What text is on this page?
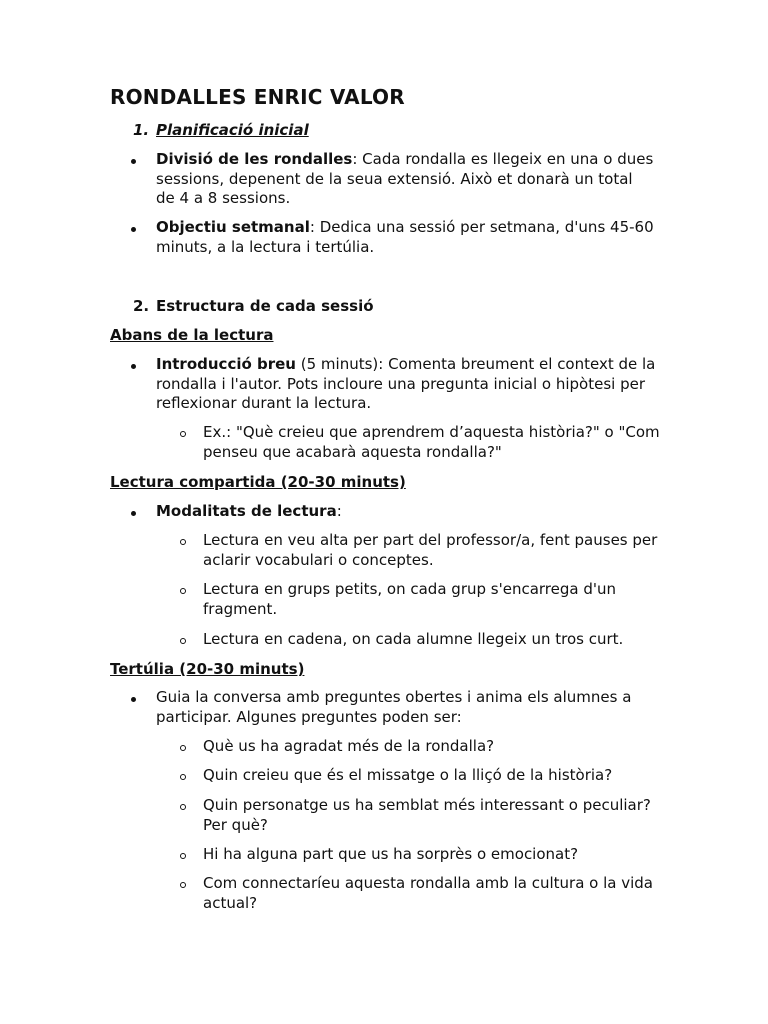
RONDALLES ENRIC VALOR
1. Planificació inicial
Divisió de les rondalles: Cada rondalla es llegeix en una o dues sessions, depenent de la seua extensió. Això et donarà un total de 4 a 8 sessions.
Objectiu setmanal: Dedica una sessió per setmana, d'uns 45-60 minuts, a la lectura i tertúlia.
2. Estructura de cada sessió
Abans de la lectura
Introducció breu (5 minuts): Comenta breument el context de la rondalla i l'autor. Pots incloure una pregunta inicial o hipòtesi per reflexionar durant la lectura.
Ex.: "Què creieu que aprendrem d’aquesta història?" o "Com penseu que acabarà aquesta rondalla?"
Lectura compartida (20-30 minuts)
Modalitats de lectura:
Lectura en veu alta per part del professor/a, fent pauses per aclarir vocabulari o conceptes.
Lectura en grups petits, on cada grup s'encarrega d'un fragment.
Lectura en cadena, on cada alumne llegeix un tros curt.
Tertúlia (20-30 minuts)
Guia la conversa amb preguntes obertes i anima els alumnes a participar. Algunes preguntes poden ser:
Què us ha agradat més de la rondalla?
Quin creieu que és el missatge o la lliçó de la història?
Quin personatge us ha semblat més interessant o peculiar? Per què?
Hi ha alguna part que us ha sorprès o emocionat?
Com connectaríeu aquesta rondalla amb la cultura o la vida actual?
